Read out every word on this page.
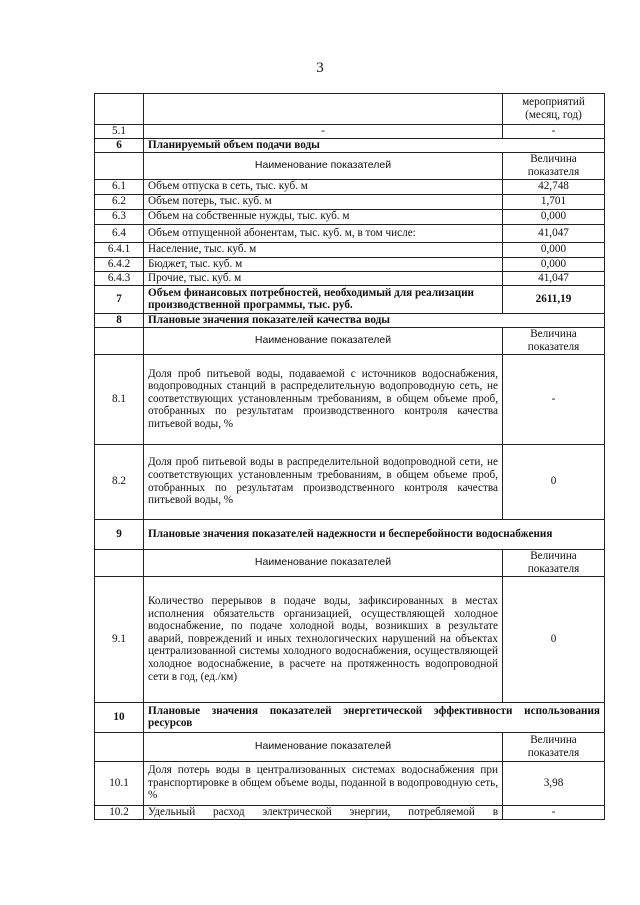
3
		мероприятий (месяц, год)
5.1	-	-
6	Планируемый объем подачи воды	
	Наименование показателей	Величина показателя
6.1	Объем отпуска в сеть, тыс. куб. м	42,748
6.2	Объем потерь, тыс. куб. м	1,701
6.3	Объем на собственные нужды, тыс. куб. м	0,000
6.4	Объем отпущенной абонентам, тыс. куб. м, в том числе:	41,047
6.4.1	Население, тыс. куб. м	0,000
6.4.2	Бюджет, тыс. куб. м	0,000
6.4.3	Прочие, тыс. куб. м	41,047
7	Объем финансовых потребностей, необходимый для реализации производственной программы, тыс. руб.	2611,19
8	Плановые значения показателей качества воды	
	Наименование показателей	Величина показателя
8.1	Доля проб питьевой воды, подаваемой с источников водоснабжения, водопроводных станций в распределительную водопроводную сеть, не соответствующих установленным требованиям, в общем объеме проб, отобранных по результатам производственного контроля качества питьевой воды, %	-
8.2	Доля проб питьевой воды в распределительной водопроводной сети, не соответствующих установленным требованиям, в общем объеме проб, отобранных по результатам производственного контроля качества питьевой воды, %	0
9	Плановые значения показателей надежности и бесперебойности водоснабжения	
	Наименование показателей	Величина показателя
9.1	Количество перерывов в подаче воды, зафиксированных в местах исполнения обязательств организацией, осуществляющей холодное водоснабжение, по подаче холодной воды, возникших в результате аварий, повреждений и иных технологических нарушений на объектах централизованной системы холодного водоснабжения, осуществляющей холодное водоснабжение, в расчете на протяженность водопроводной сети в год, (ед./км)	0
10	Плановые значения показателей энергетической эффективности использования ресурсов	
	Наименование показателей	Величина показателя
10.1	Доля потерь воды в централизованных системах водоснабжения при транспортировке в общем объеме воды, поданной в водопроводную сеть, %	3,98
10.2	Удельный расход электрической энергии, потребляемой в	-
